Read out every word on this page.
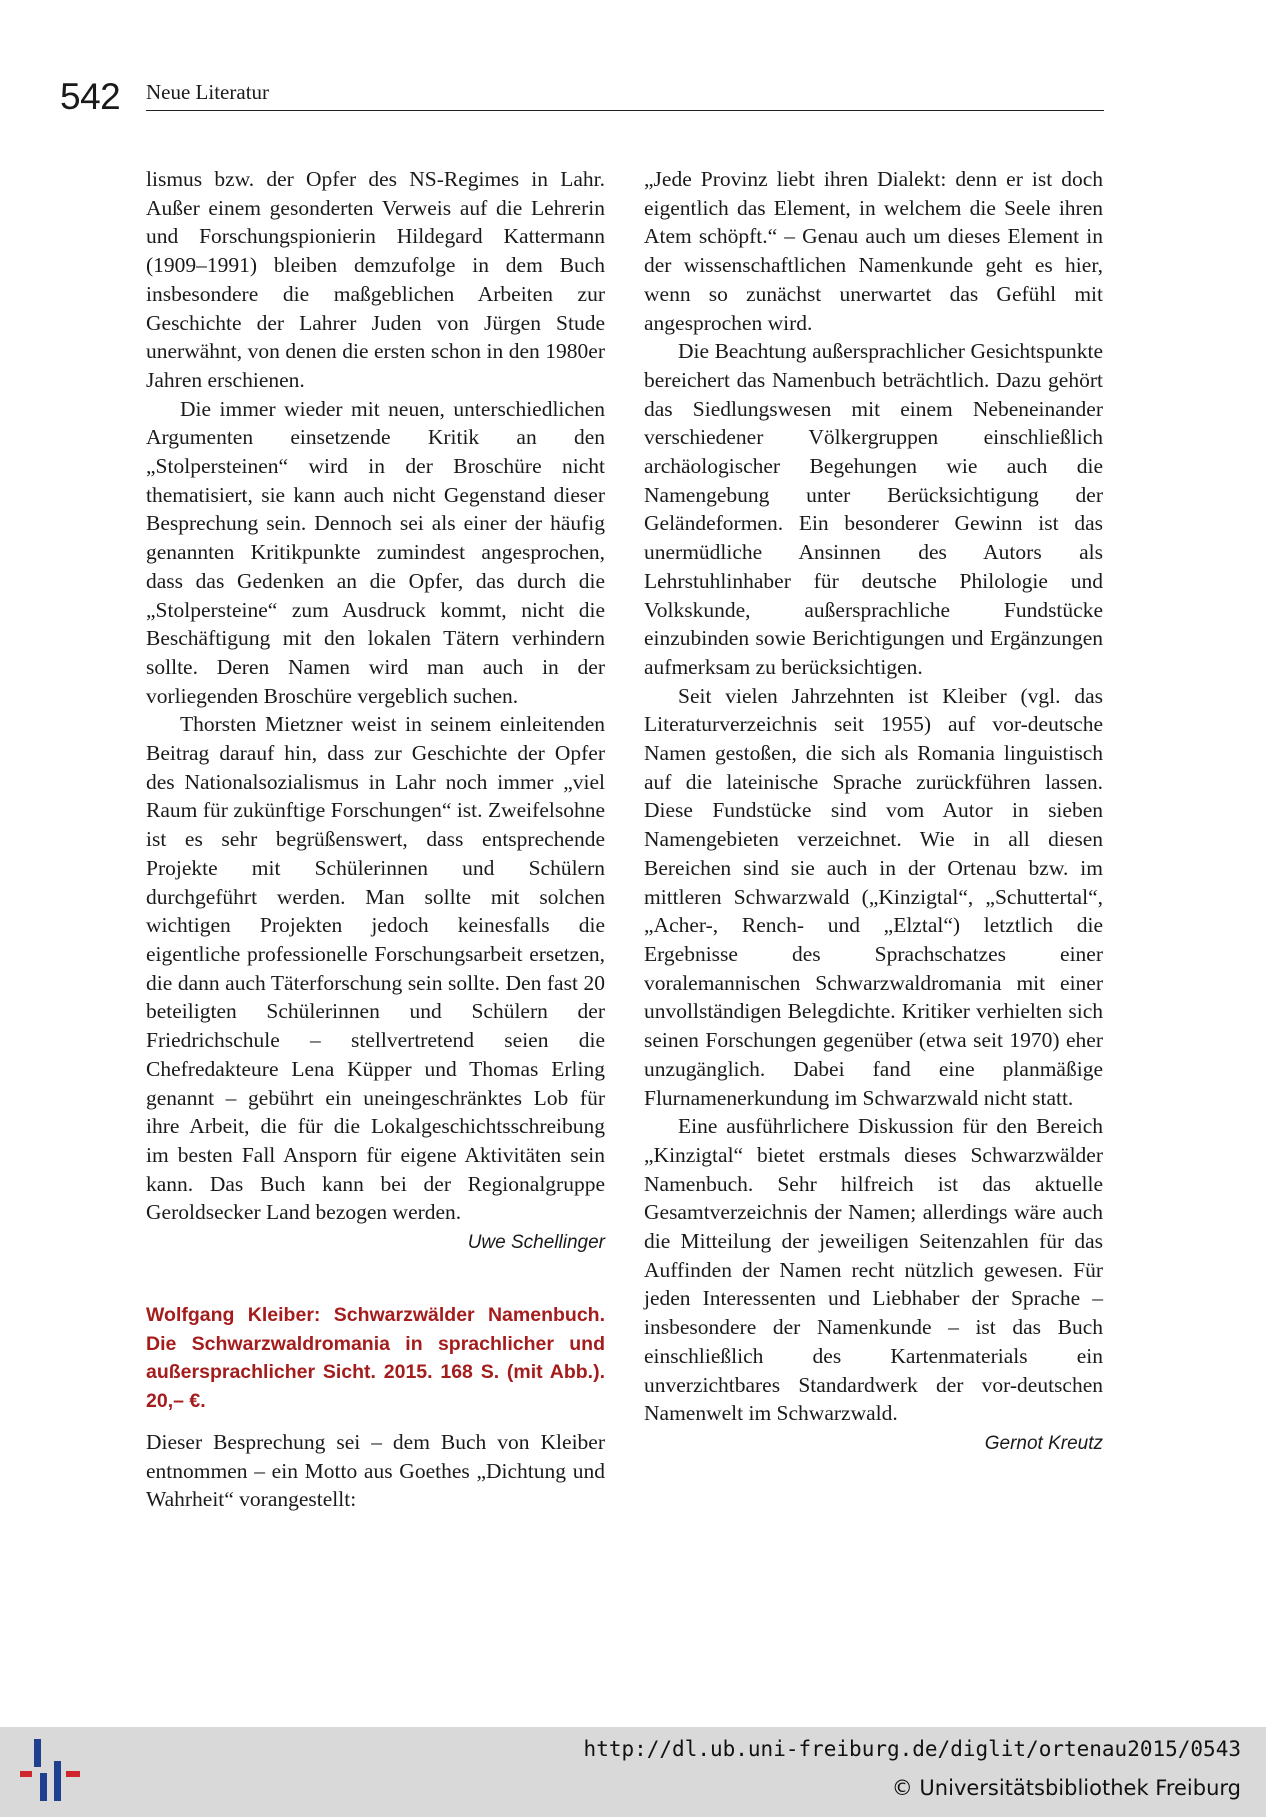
542 Neue Literatur

lismus bzw. der Opfer des NS-Regimes in Lahr. Außer einem gesonderten Verweis auf die Lehrerin und Forschungspionierin Hildegard Kattermann (1909–1991) bleiben demzufolge in dem Buch insbesondere die maßgeblichen Arbeiten zur Geschichte der Lahrer Juden von Jürgen Stude unerwähnt, von denen die ersten schon in den 1980er Jahren erschienen.

Die immer wieder mit neuen, unterschiedlichen Argumenten einsetzende Kritik an den „Stolpersteinen“ wird in der Broschüre nicht thematisiert, sie kann auch nicht Gegenstand dieser Besprechung sein. Dennoch sei als einer der häufig genannten Kritikpunkte zumindest angesprochen, dass das Gedenken an die Opfer, das durch die „Stolpersteine“ zum Ausdruck kommt, nicht die Beschäftigung mit den lokalen Tätern verhindern sollte. Deren Namen wird man auch in der vorliegenden Broschüre vergeblich suchen.

Thorsten Mietzner weist in seinem einleitenden Beitrag darauf hin, dass zur Geschichte der Opfer des Nationalsozialismus in Lahr noch immer „viel Raum für zukünftige Forschungen“ ist. Zweifelsohne ist es sehr begrüßenswert, dass entsprechende Projekte mit Schülerinnen und Schülern durchgeführt werden. Man sollte mit solchen wichtigen Projekten jedoch keinesfalls die eigentliche professionelle Forschungsarbeit ersetzen, die dann auch Täterforschung sein sollte. Den fast 20 beteiligten Schülerinnen und Schülern der Friedrichschule – stellvertretend seien die Chefredakteure Lena Küpper und Thomas Erling genannt – gebührt ein uneingeschränktes Lob für ihre Arbeit, die für die Lokalgeschichtsschreibung im besten Fall Ansporn für eigene Aktivitäten sein kann. Das Buch kann bei der Regionalgruppe Geroldsecker Land bezogen werden.

Uwe Schellinger
Wolfgang Kleiber: Schwarzwälder Namenbuch. Die Schwarzwaldromania in sprachlicher und außersprachlicher Sicht. 2015. 168 S. (mit Abb.). 20,– €.

Dieser Besprechung sei – dem Buch von Kleiber entnommen – ein Motto aus Goethes „Dichtung und Wahrheit“ vorangestellt:

„Jede Provinz liebt ihren Dialekt: denn er ist doch eigentlich das Element, in welchem die Seele ihren Atem schöpft.“ – Genau auch um dieses Element in der wissenschaftlichen Namenkunde geht es hier, wenn so zunächst unerwartet das Gefühl mit angesprochen wird.

Die Beachtung außersprachlicher Gesichtspunkte bereichert das Namenbuch beträchtlich. Dazu gehört das Siedlungswesen mit einem Nebeneinander verschiedener Völkergruppen einschließlich archäologischer Begehungen wie auch die Namengebung unter Berücksichtigung der Geländeformen. Ein besonderer Gewinn ist das unermüdliche Ansinnen des Autors als Lehrstuhlinhaber für deutsche Philologie und Volkskunde, außersprachliche Fundstücke einzubinden sowie Berichtigungen und Ergänzungen aufmerksam zu berücksichtigen.

Seit vielen Jahrzehnten ist Kleiber (vgl. das Literaturverzeichnis seit 1955) auf vor-deutsche Namen gestoßen, die sich als Romania linguistisch auf die lateinische Sprache zurückführen lassen. Diese Fundstücke sind vom Autor in sieben Namengebieten verzeichnet. Wie in all diesen Bereichen sind sie auch in der Ortenau bzw. im mittleren Schwarzwald („Kinzigtal“, „Schuttertal“, „Acher-, Rench- und „Elztal“) letztlich die Ergebnisse des Sprachschatzes einer voralemannischen Schwarzwaldromania mit einer unvollständigen Belegdichte. Kritiker verhielten sich seinen Forschungen gegenüber (etwa seit 1970) eher unzugänglich. Dabei fand eine planmäßige Flurnamenerkundung im Schwarzwald nicht statt.

Eine ausführlichere Diskussion für den Bereich „Kinzigtal“ bietet erstmals dieses Schwarzwälder Namenbuch. Sehr hilfreich ist das aktuelle Gesamtverzeichnis der Namen; allerdings wäre auch die Mitteilung der jeweiligen Seitenzahlen für das Auffinden der Namen recht nützlich gewesen. Für jeden Interessenten und Liebhaber der Sprache – insbesondere der Namenkunde – ist das Buch einschließlich des Kartenmaterials ein unverzichtbares Standardwerk der vor-deutschen Namenwelt im Schwarzwald.

Gernot Kreutz
http://dl.ub.uni-freiburg.de/diglit/ortenau2015/0543
© Universitätsbibliothek Freiburg
